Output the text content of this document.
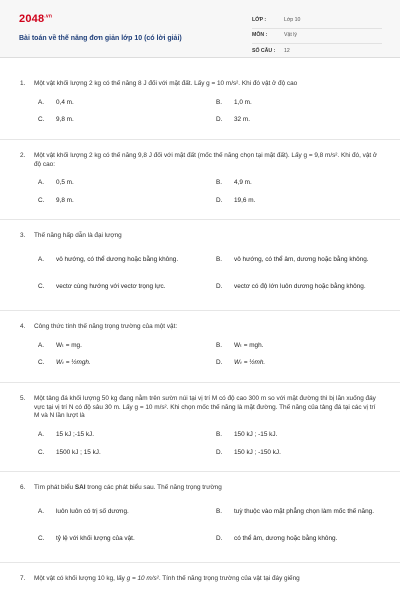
$2048^{.vn}$
Bài toán về thế năng đơn giản lớp 10 (có lời giải)
LỚP :	Lớp 10
MÔN :	Vật lý
SỐ CÂU :	12
1.	Một vật khối lượng 2 kg có thế năng 8 J đối với mặt đất. Lấy g = 10 m/s². Khi đó vật ở độ cao
A.	0,4 m.	B.	1,0 m.
C.	9,8 m.	D.	32 m.
2.	Một vật khối lượng 2 kg có thế năng 9,8 J đối với mặt đất (mốc thế năng chọn tại mặt đất). Lấy g = 9,8 m/s². Khi đó, vật ở độ cao:
A.	0,5 m.	B.	4,9 m.
C.	9,8 m.	D.	19,6 m.
3.	Thế năng hấp dẫn là đại lượng
A.	vô hướng, có thể dương hoặc bằng không.	B.	vô hướng, có thể âm, dương hoặc bằng không.
C.	vectơ cùng hướng với vectơ trọng lực.	D.	vectơ có độ lớn luôn dương hoặc bằng không.
4.	Công thức tính thế năng trọng trường của một vật:
A.	Wₜ = mg.	B.	Wₜ = mgh.
C.	Wₜ = ½mgh.	D.	Wₜ = ½mh.
5.	Một tảng đá khối lượng 50 kg đang nằm trên sườn núi tại vị trí M có độ cao 300 m so với mặt đường thì bị lăn xuống đáy vực tại vị trí N có độ sâu 30 m. Lấy g = 10 m/s². Khi chọn mốc thế năng là mặt đường. Thế năng của tảng đá tại các vị trí M và N lần lượt là
A.	15 kJ ;-15 kJ.	B.	150 kJ ; -15 kJ.
C.	1500 kJ ; 15 kJ.	D.	150 kJ ; -150 kJ.
6.	Tìm phát biểu SAI trong các phát biểu sau. Thế năng trọng trường
A.	luôn luôn có trị số dương.	B.	tuỳ thuộc vào mặt phẳng chọn làm mốc thế năng.
C.	tỷ lệ với khối lượng của vật.	D.	có thể âm, dương hoặc bằng không.
7.	Một vật có khối lượng 10 kg, lấy g = 10 m/s². Tính thế năng trọng trường của vật tại đáy giếng
